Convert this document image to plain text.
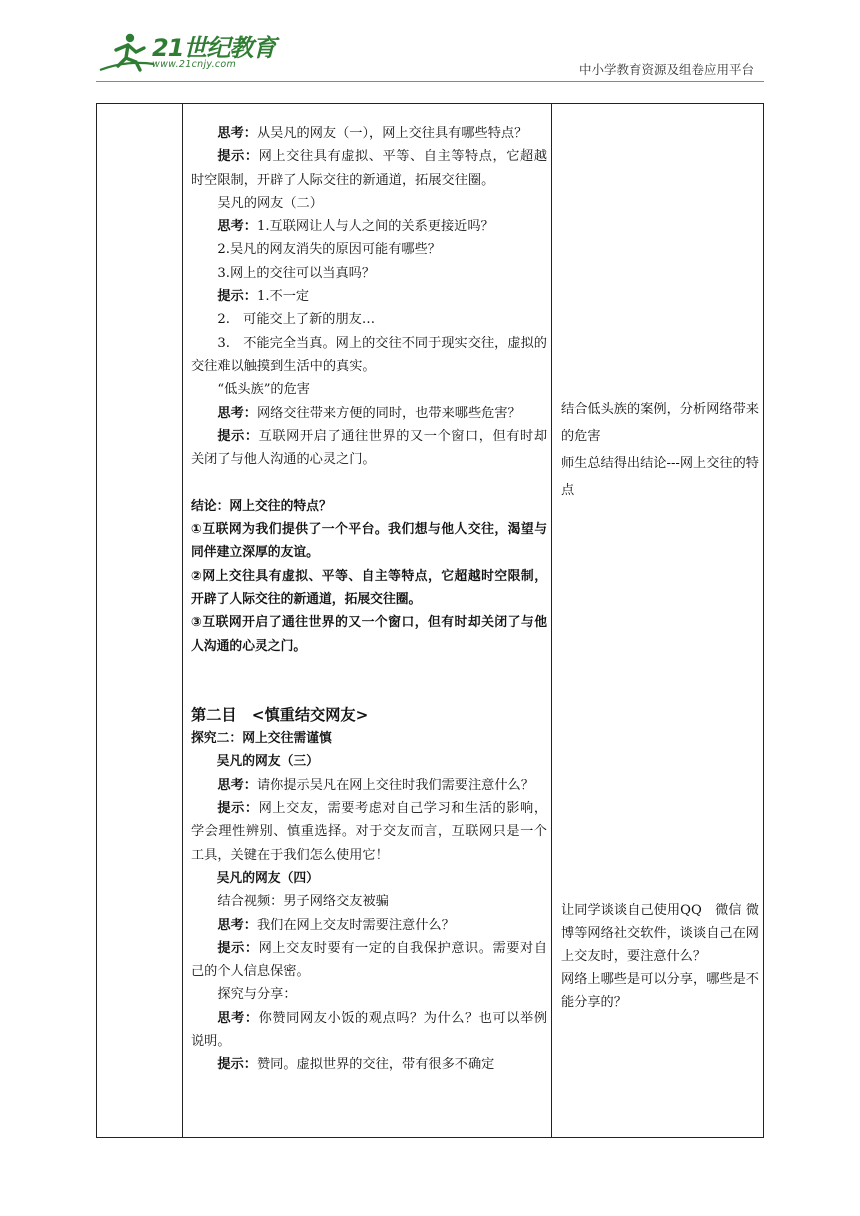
21世纪教育
www.21cnjy.com	中小学教育资源及组卷应用平台

思考：从吴凡的网友（一），网上交往具有哪些特点？

提示：网上交往具有虚拟、平等、自主等特点，它超越时空限制，开辟了人际交往的新通道，拓展交往圈。

吴凡的网友（二）

思考：1.互联网让人与人之间的关系更接近吗？

2.吴凡的网友消失的原因可能有哪些？

3.网上的交往可以当真吗？

提示：1.不一定

2.　可能交上了新的朋友…

3.　不能完全当真。网上的交往不同于现实交往，虚拟的交往难以触摸到生活中的真实。

“低头族”的危害

思考：网络交往带来方便的同时，也带来哪些危害？

提示：互联网开启了通往世界的又一个窗口，但有时却关闭了与他人沟通的心灵之门。

结论：网上交往的特点？

①互联网为我们提供了一个平台。我们想与他人交往，渴望与同伴建立深厚的友谊。

②网上交往具有虚拟、平等、自主等特点，它超越时空限制，开辟了人际交往的新通道，拓展交往圈。

③互联网开启了通往世界的又一个窗口，但有时却关闭了与他人沟通的心灵之门。

第二目　<慎重结交网友>

探究二：网上交往需谨慎

吴凡的网友（三）

思考：请你提示吴凡在网上交往时我们需要注意什么？

提示：网上交友，需要考虑对自己学习和生活的影响，学会理性辨别、慎重选择。对于交友而言，互联网只是一个工具，关键在于我们怎么使用它！

吴凡的网友（四）

结合视频：男子网络交友被骗

思考：我们在网上交友时需要注意什么？

提示：网上交友时要有一定的自我保护意识。需要对自己的个人信息保密。

探究与分享：

思考：你赞同网友小饭的观点吗？为什么？也可以举例说明。

提示：赞同。虚拟世界的交往，带有很多不确定

结合低头族的案例，分析网络带来的危害

师生总结得出结论---网上交往的特点

让同学谈谈自己使用QQ　微信 微博等网络社交软件，谈谈自己在网上交友时，要注意什么？

网络上哪些是可以分享，哪些是不能分享的？
